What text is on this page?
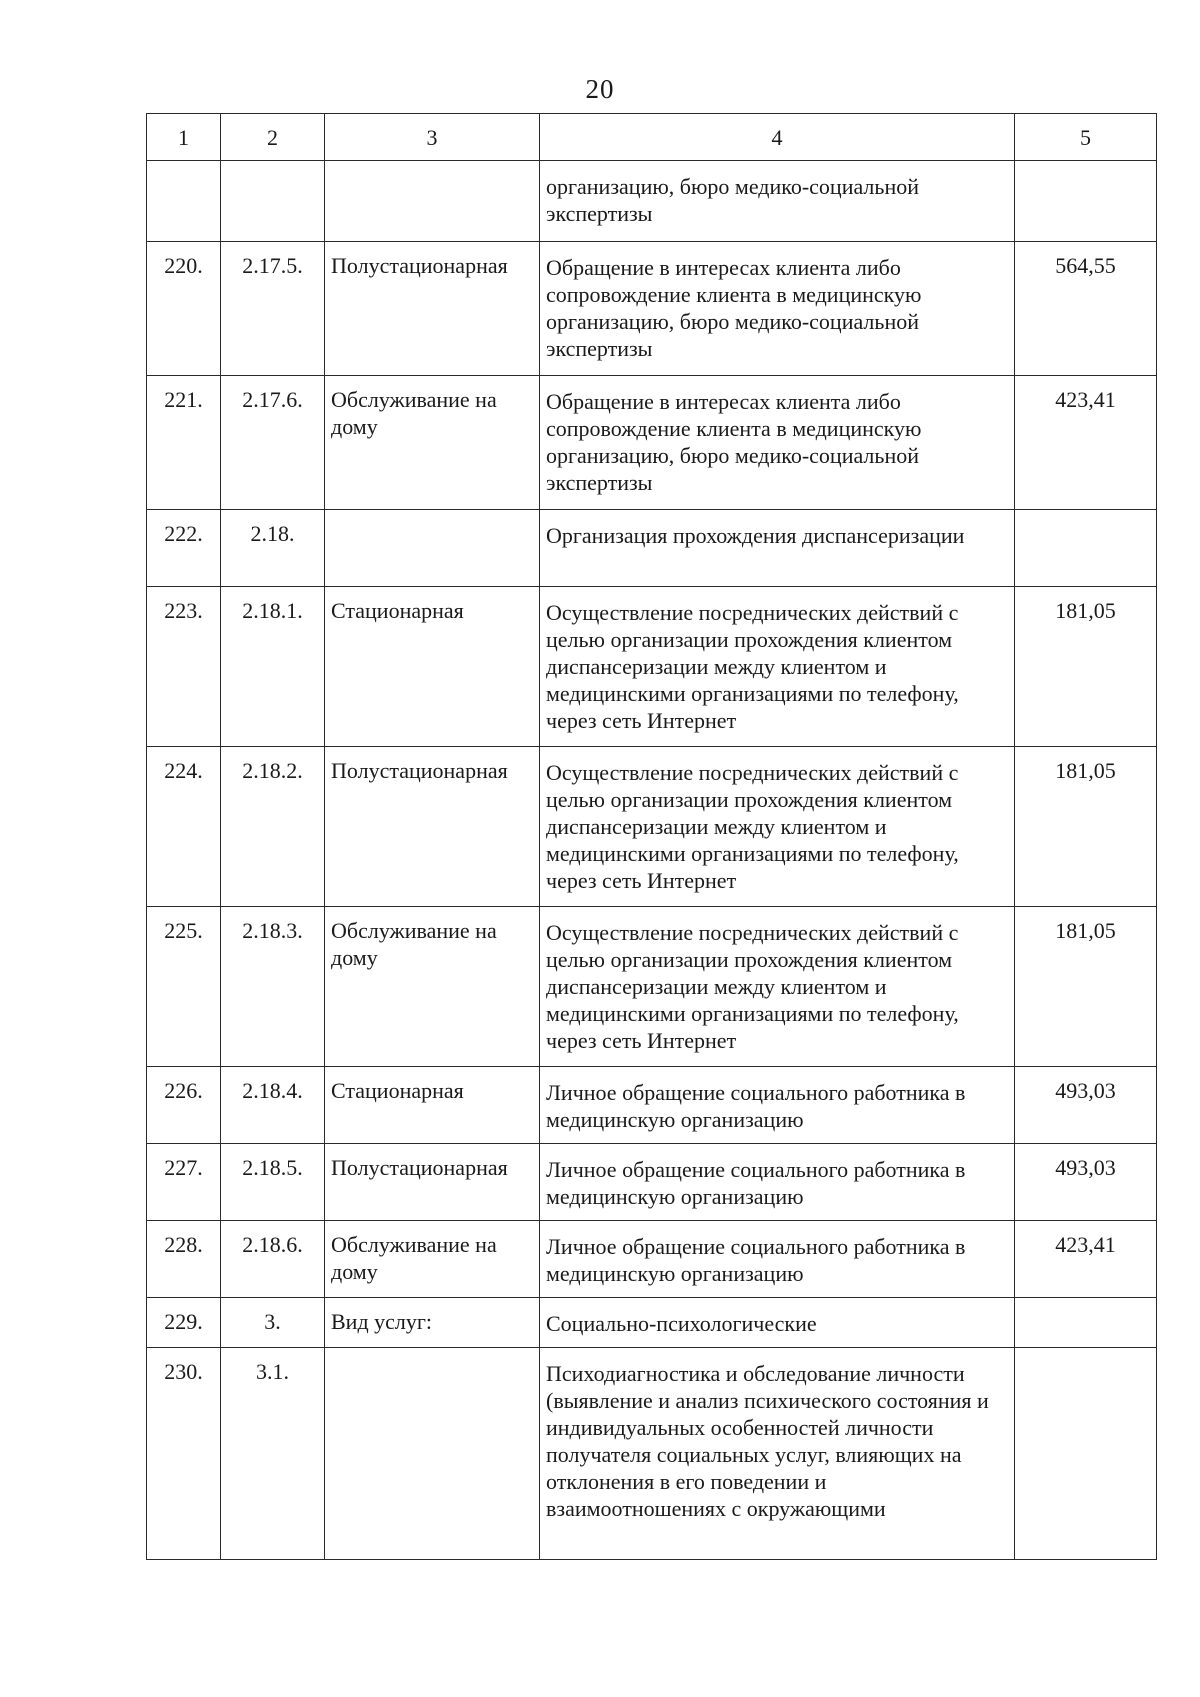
20
1	2	3	4	5
			организацию, бюро медико-социальной экспертизы	
220.	2.17.5.	Полустационарная	Обращение в интересах клиента либо сопровождение клиента в медицинскую организацию, бюро медико-социальной экспертизы	564,55
221.	2.17.6.	Обслуживание на дому	Обращение в интересах клиента либо сопровождение клиента в медицинскую организацию, бюро медико-социальной экспертизы	423,41
222.	2.18.		Организация прохождения диспансеризации	
223.	2.18.1.	Стационарная	Осуществление посреднических действий с целью организации прохождения клиентом диспансеризации между клиентом и медицинскими организациями по телефону, через сеть Интернет	181,05
224.	2.18.2.	Полустационарная	Осуществление посреднических действий с целью организации прохождения клиентом диспансеризации между клиентом и медицинскими организациями по телефону, через сеть Интернет	181,05
225.	2.18.3.	Обслуживание на дому	Осуществление посреднических действий с целью организации прохождения клиентом диспансеризации между клиентом и медицинскими организациями по телефону, через сеть Интернет	181,05
226.	2.18.4.	Стационарная	Личное обращение социального работника в медицинскую организацию	493,03
227.	2.18.5.	Полустационарная	Личное обращение социального работника в медицинскую организацию	493,03
228.	2.18.6.	Обслуживание на дому	Личное обращение социального работника в медицинскую организацию	423,41
229.	3.	Вид услуг:	Социально-психологические	
230.	3.1.		Психодиагностика и обследование личности (выявление и анализ психического состояния и индивидуальных особенностей личности получателя социальных услуг, влияющих на отклонения в его поведении и взаимоотношениях с окружающими	
